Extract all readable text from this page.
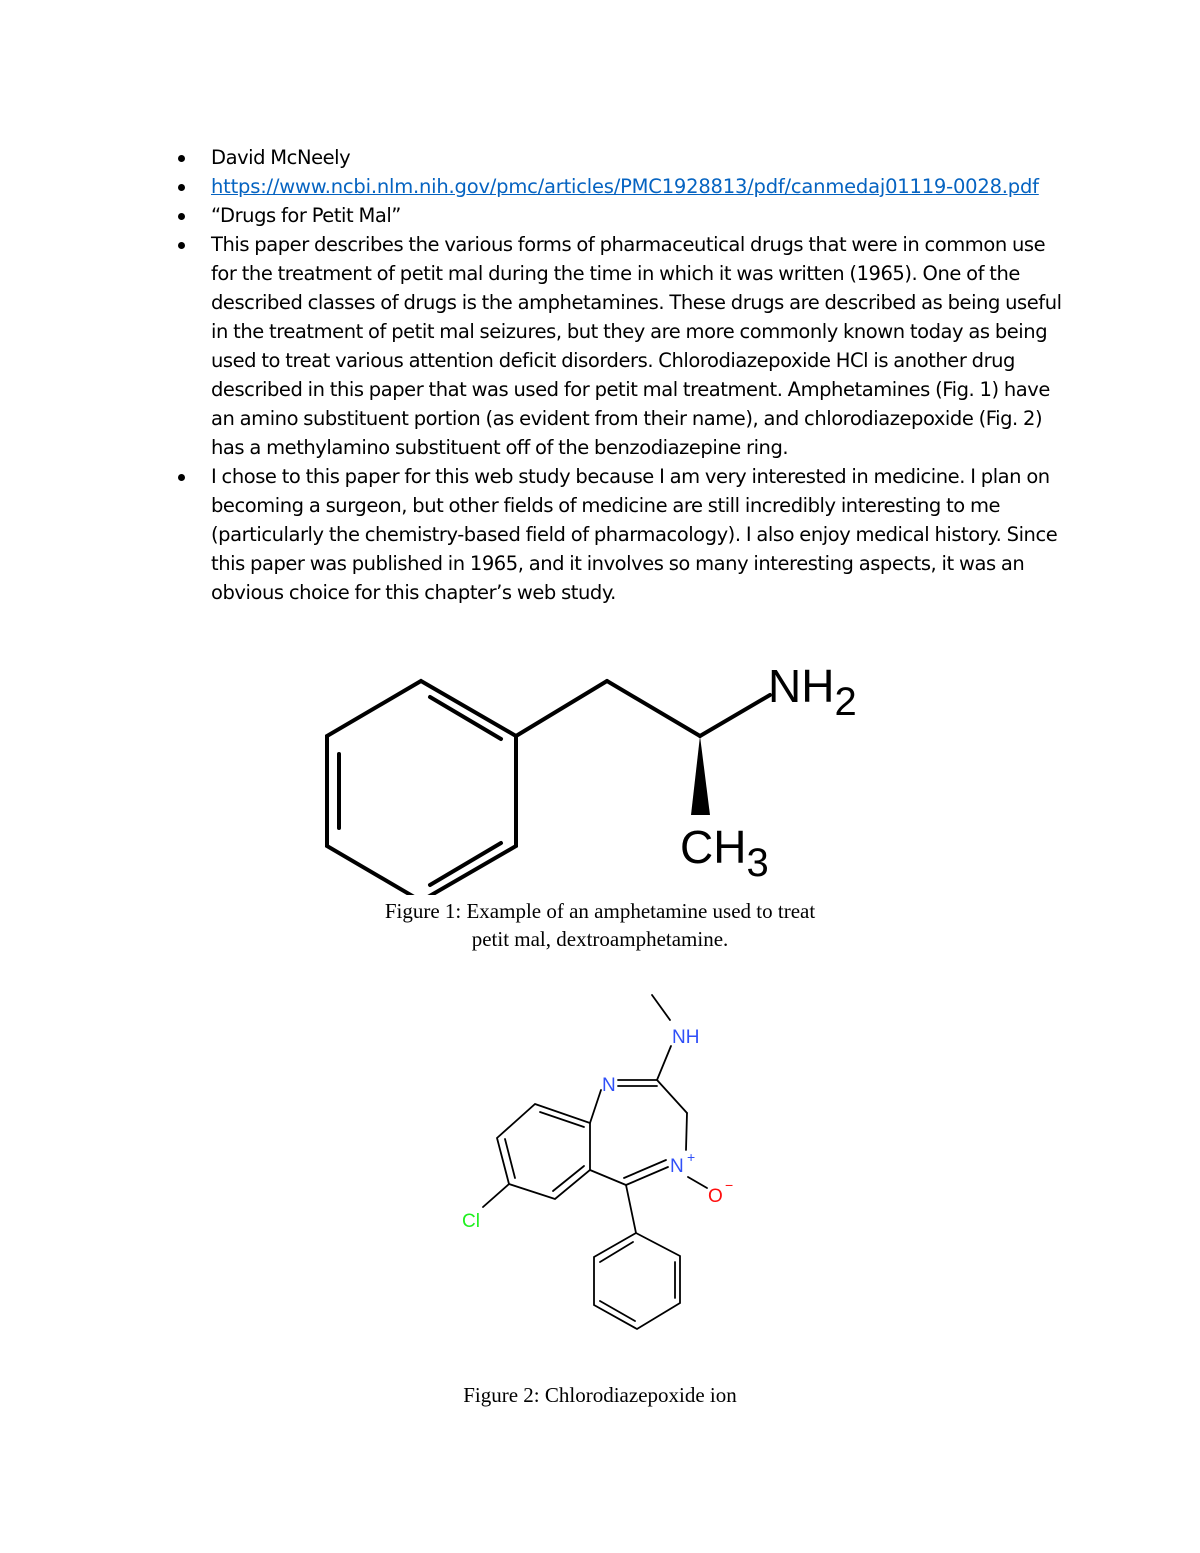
David McNeely
https://www.ncbi.nlm.nih.gov/pmc/articles/PMC1928813/pdf/canmedaj01119-0028.pdf
“Drugs for Petit Mal”
This paper describes the various forms of pharmaceutical drugs that were in common use for the treatment of petit mal during the time in which it was written (1965). One of the described classes of drugs is the amphetamines. These drugs are described as being useful in the treatment of petit mal seizures, but they are more commonly known today as being used to treat various attention deficit disorders. Chlorodiazepoxide HCl is another drug described in this paper that was used for petit mal treatment. Amphetamines (Fig. 1) have an amino substituent portion (as evident from their name), and chlorodiazepoxide (Fig. 2) has a methylamino substituent off of the benzodiazepine ring.
I chose to this paper for this web study because I am very interested in medicine. I plan on becoming a surgeon, but other fields of medicine are still incredibly interesting to me (particularly the chemistry-based field of pharmacology). I also enjoy medical history. Since this paper was published in 1965, and it involves so many interesting aspects, it was an obvious choice for this chapter’s web study.
NH2
CH3
Figure 1: Example of an amphetamine used to treat
petit mal, dextroamphetamine.
NH
N
N +
O
−
Cl
Figure 2: Chlorodiazepoxide ion
